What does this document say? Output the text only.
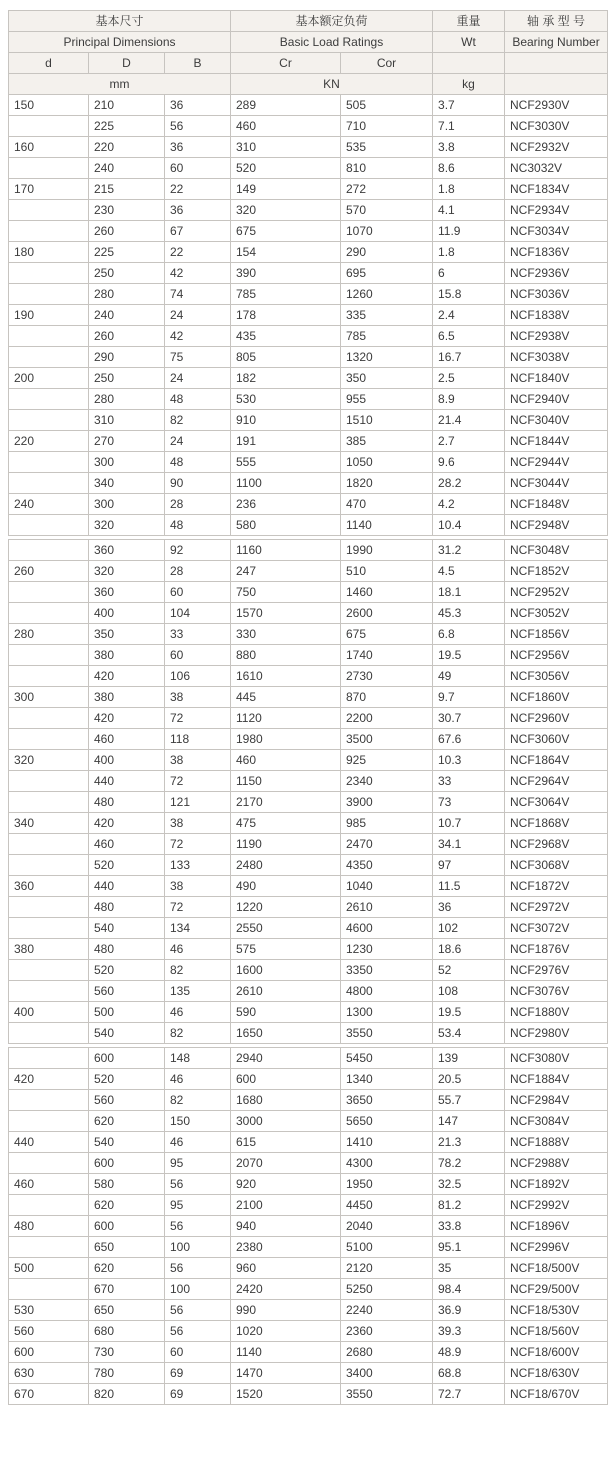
基本尺寸			基本额定负荷		重量	轴 承 型 号
Principal Dimensions			Basic Load Ratings		Wt	Bearing Number
d	D	B	Cr	Cor		
mm			KN		kg	
150	210	36	289	505	3.7	NCF2930V
	225	56	460	710	7.1	NCF3030V
160	220	36	310	535	3.8	NCF2932V
	240	60	520	810	8.6	NC3032V
170	215	22	149	272	1.8	NCF1834V
	230	36	320	570	4.1	NCF2934V
	260	67	675	1070	11.9	NCF3034V
180	225	22	154	290	1.8	NCF1836V
	250	42	390	695	6	NCF2936V
	280	74	785	1260	15.8	NCF3036V
190	240	24	178	335	2.4	NCF1838V
	260	42	435	785	6.5	NCF2938V
	290	75	805	1320	16.7	NCF3038V
200	250	24	182	350	2.5	NCF1840V
	280	48	530	955	8.9	NCF2940V
	310	82	910	1510	21.4	NCF3040V
220	270	24	191	385	2.7	NCF1844V
	300	48	555	1050	9.6	NCF2944V
	340	90	1100	1820	28.2	NCF3044V
240	300	28	236	470	4.2	NCF1848V
	320	48	580	1140	10.4	NCF2948V
	360	92	1160	1990	31.2	NCF3048V
260	320	28	247	510	4.5	NCF1852V
	360	60	750	1460	18.1	NCF2952V
	400	104	1570	2600	45.3	NCF3052V
280	350	33	330	675	6.8	NCF1856V
	380	60	880	1740	19.5	NCF2956V
	420	106	1610	2730	49	NCF3056V
300	380	38	445	870	9.7	NCF1860V
	420	72	1120	2200	30.7	NCF2960V
	460	118	1980	3500	67.6	NCF3060V
320	400	38	460	925	10.3	NCF1864V
	440	72	1150	2340	33	NCF2964V
	480	121	2170	3900	73	NCF3064V
340	420	38	475	985	10.7	NCF1868V
	460	72	1190	2470	34.1	NCF2968V
	520	133	2480	4350	97	NCF3068V
360	440	38	490	1040	11.5	NCF1872V
	480	72	1220	2610	36	NCF2972V
	540	134	2550	4600	102	NCF3072V
380	480	46	575	1230	18.6	NCF1876V
	520	82	1600	3350	52	NCF2976V
	560	135	2610	4800	108	NCF3076V
400	500	46	590	1300	19.5	NCF1880V
	540	82	1650	3550	53.4	NCF2980V
	600	148	2940	5450	139	NCF3080V
420	520	46	600	1340	20.5	NCF1884V
	560	82	1680	3650	55.7	NCF2984V
	620	150	3000	5650	147	NCF3084V
440	540	46	615	1410	21.3	NCF1888V
	600	95	2070	4300	78.2	NCF2988V
460	580	56	920	1950	32.5	NCF1892V
	620	95	2100	4450	81.2	NCF2992V
480	600	56	940	2040	33.8	NCF1896V
	650	100	2380	5100	95.1	NCF2996V
500	620	56	960	2120	35	NCF18/500V
	670	100	2420	5250	98.4	NCF29/500V
530	650	56	990	2240	36.9	NCF18/530V
560	680	56	1020	2360	39.3	NCF18/560V
600	730	60	1140	2680	48.9	NCF18/600V
630	780	69	1470	3400	68.8	NCF18/630V
670	820	69	1520	3550	72.7	NCF18/670V
